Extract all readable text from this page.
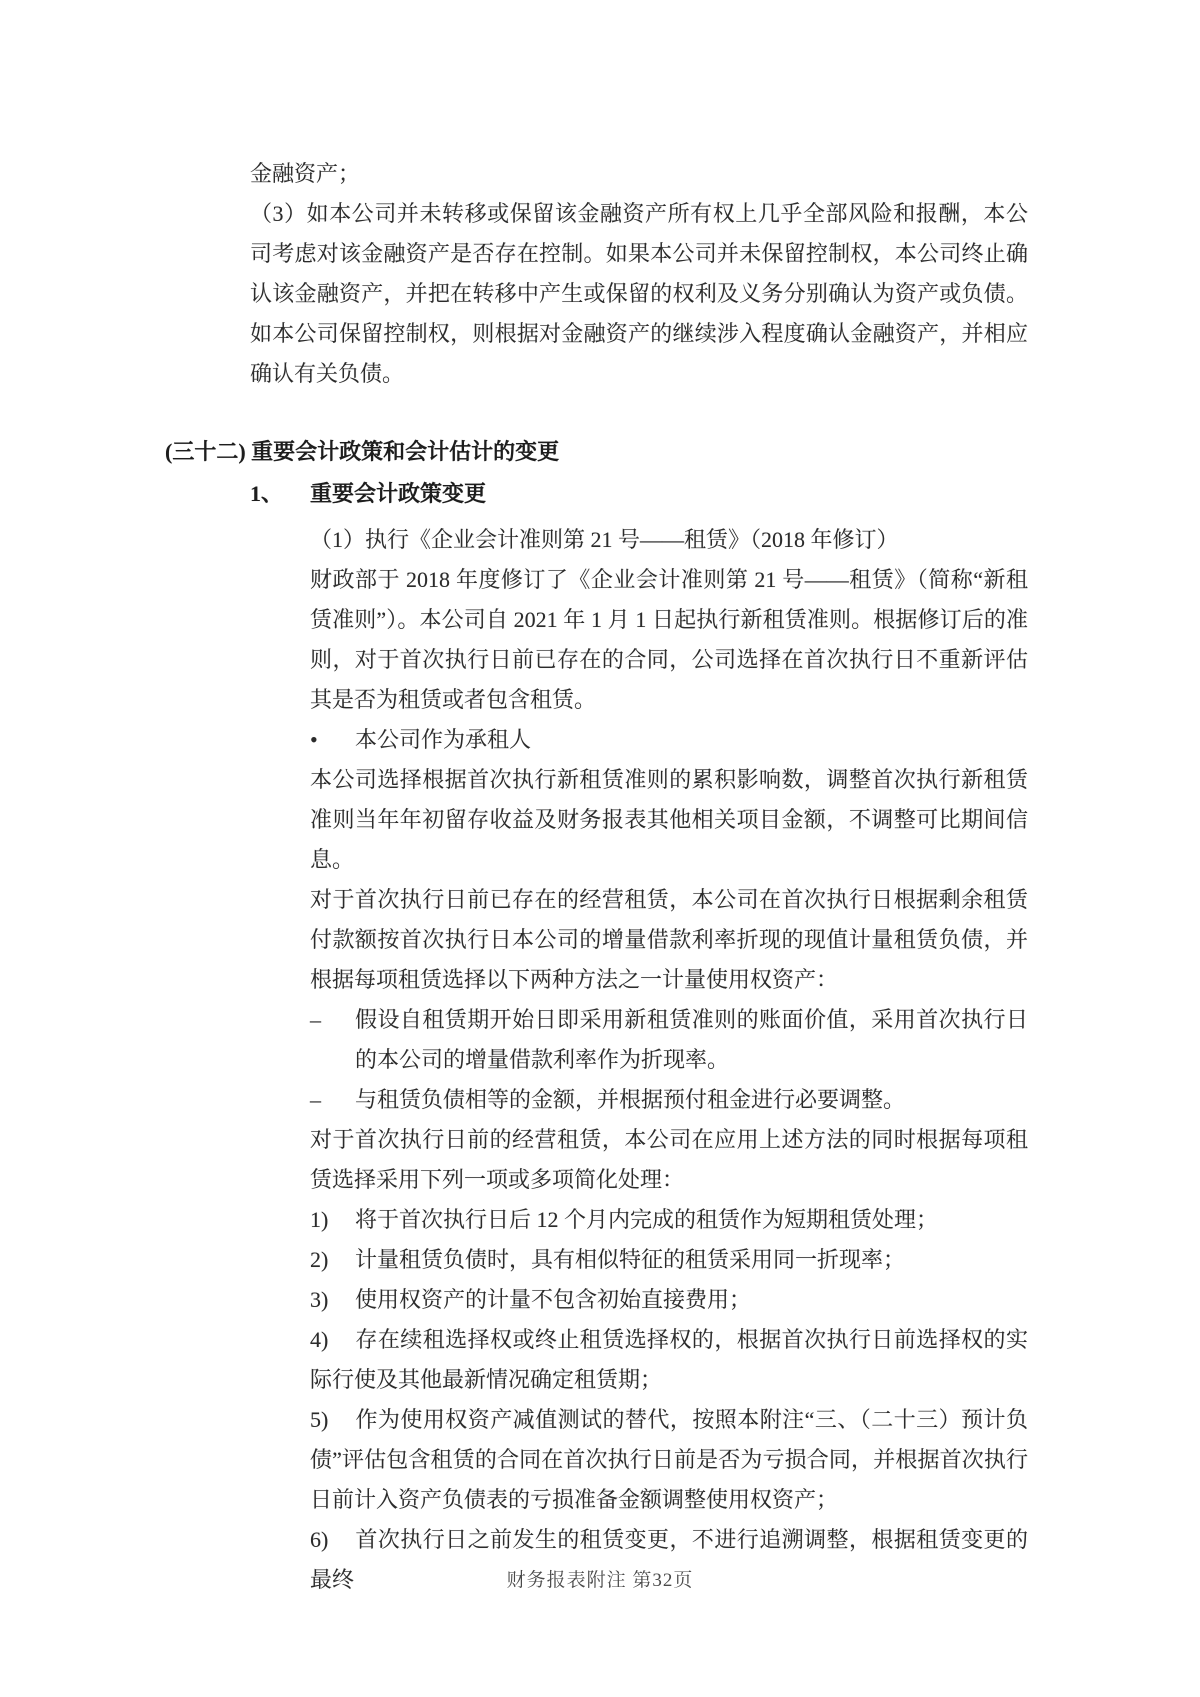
金融资产；
（3）如本公司并未转移或保留该金融资产所有权上几乎全部风险和报酬，本公司考虑对该金融资产是否存在控制。如果本公司并未保留控制权，本公司终止确认该金融资产，并把在转移中产生或保留的权利及义务分别确认为资产或负债。如本公司保留控制权，则根据对金融资产的继续涉入程度确认金融资产，并相应确认有关负债。
(三十二) 重要会计政策和会计估计的变更
1、 重要会计政策变更
（1）执行《企业会计准则第 21 号——租赁》（2018 年修订）
财政部于 2018 年度修订了《企业会计准则第 21 号——租赁》（简称“新租赁准则”）。本公司自 2021 年 1 月 1 日起执行新租赁准则。根据修订后的准则，对于首次执行日前已存在的合同，公司选择在首次执行日不重新评估其是否为租赁或者包含租赁。
• 本公司作为承租人
本公司选择根据首次执行新租赁准则的累积影响数，调整首次执行新租赁准则当年年初留存收益及财务报表其他相关项目金额，不调整可比期间信息。
对于首次执行日前已存在的经营租赁，本公司在首次执行日根据剩余租赁付款额按首次执行日本公司的增量借款利率折现的现值计量租赁负债，并根据每项租赁选择以下两种方法之一计量使用权资产：
–	假设自租赁期开始日即采用新租赁准则的账面价值，采用首次执行日的本公司的增量借款利率作为折现率。
–	与租赁负债相等的金额，并根据预付租金进行必要调整。
对于首次执行日前的经营租赁，本公司在应用上述方法的同时根据每项租赁选择采用下列一项或多项简化处理：
1) 将于首次执行日后 12 个月内完成的租赁作为短期租赁处理；
2) 计量租赁负债时，具有相似特征的租赁采用同一折现率；
3) 使用权资产的计量不包含初始直接费用；
4) 存在续租选择权或终止租赁选择权的，根据首次执行日前选择权的实际行使及其他最新情况确定租赁期；
5) 作为使用权资产减值测试的替代，按照本附注“三、（二十三）预计负债”评估包含租赁的合同在首次执行日前是否为亏损合同，并根据首次执行日前计入资产负债表的亏损准备金额调整使用权资产；
6) 首次执行日之前发生的租赁变更，不进行追溯调整，根据租赁变更的最终	财务报表附注 第32页
